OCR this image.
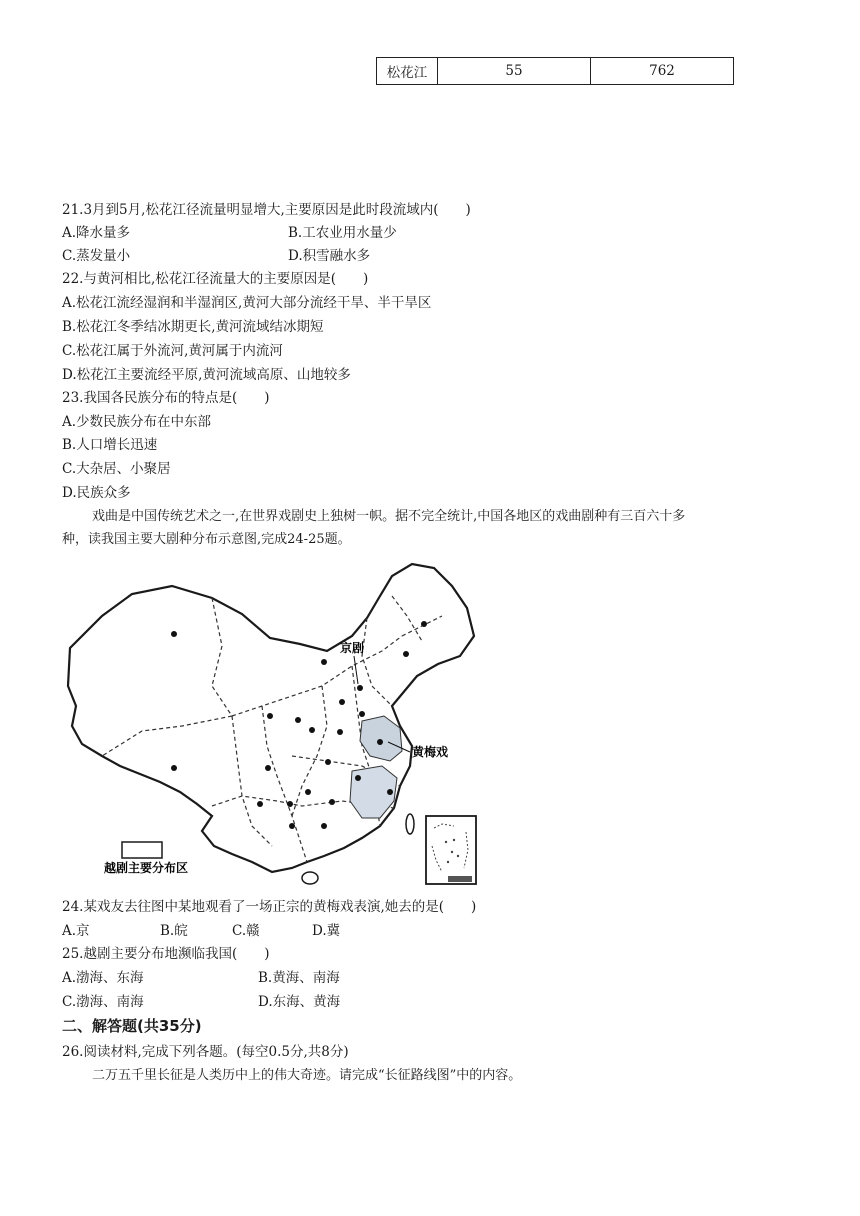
松花江	55	762
21.3月到5月,松花江径流量明显增大,主要原因是此时段流域内(　　)
A.降水量多	B.工农业用水量少
C.蒸发量小	D.积雪融水多
22.与黄河相比,松花江径流量大的主要原因是(　　)
A.松花江流经湿润和半湿润区,黄河大部分流经干旱、半干旱区
B.松花江冬季结冰期更长,黄河流域结冰期短
C.松花江属于外流河,黄河属于内流河
D.松花江主要流经平原,黄河流域高原、山地较多
23.我国各民族分布的特点是(　　)
A.少数民族分布在中东部
B.人口增长迅速
C.大杂居、小聚居
D.民族众多
戏曲是中国传统艺术之一,在世界戏剧史上独树一帜。据不完全统计,中国各地区的戏曲剧种有三百六十多
种，读我国主要大剧种分布示意图,完成24-25题。
京剧
黄梅戏
越剧主要分布区
24.某戏友去往图中某地观看了一场正宗的黄梅戏表演,她去的是(　　)
A.京	B.皖	C.赣	D.冀
25.越剧主要分布地濒临我国(　　)
A.渤海、东海	B.黄海、南海
C.渤海、南海	D.东海、黄海
二、解答题(共35分)
26.阅读材料,完成下列各题。(每空0.5分,共8分)
二万五千里长征是人类历中上的伟大奇迹。请完成“长征路线图”中的内容。
